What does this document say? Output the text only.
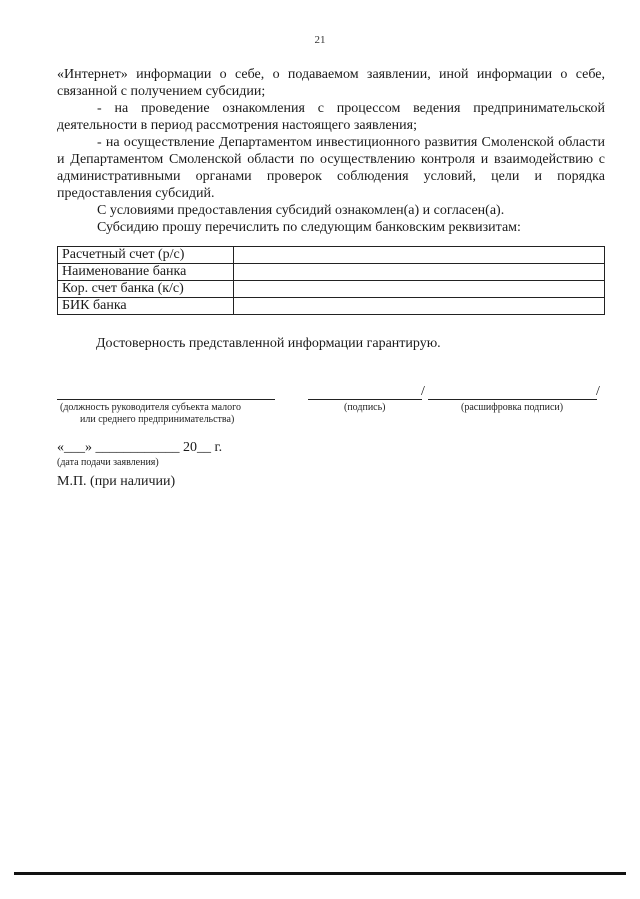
21

«Интернет» информации о себе, о подаваемом заявлении, иной информации о себе, связанной с получением субсидии;

- на проведение ознакомления с процессом ведения предпринимательской деятельности в период рассмотрения настоящего заявления;

- на осуществление Департаментом инвестиционного развития Смоленской области и Департаментом Смоленской области по осуществлению контроля и взаимодействию с административными органами проверок соблюдения условий, цели и порядка предоставления субсидий.

С условиями предоставления субсидий ознакомлен(а) и согласен(а).

Субсидию прошу перечислить по следующим банковским реквизитам:

Расчетный счет (р/с)	
Наименование банка	
Кор. счет банка (к/с)	
БИК банка	
Достоверность представленной информации гарантирую.
(должность руководителя субъекта малого
или среднего предпринимательства)
/	/
(подпись)	(расшифровка подписи)
«___» ____________ 20__ г.
(дата подачи заявления)
М.П. (при наличии)
